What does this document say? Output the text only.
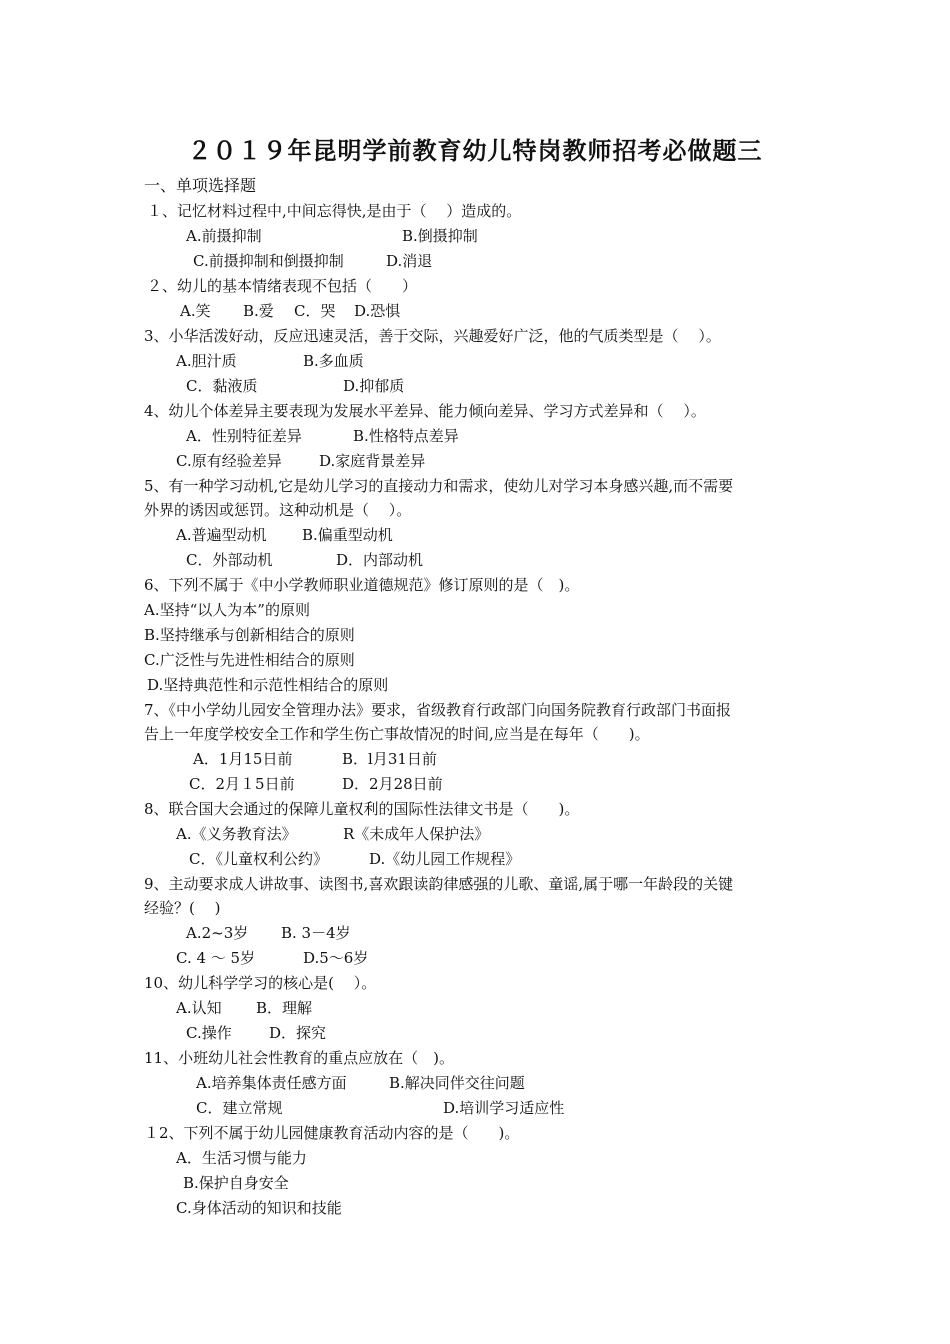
２０１９年昆明学前教育幼儿特岗教师招考必做题三
一、单项选择题
１、记忆材料过程中,中间忘得快,是由于（　 ）造成的。
A.前摄抑制	B.倒摄抑制
C.前摄抑制和倒摄抑制	D.消退
２、幼儿的基本情绪表现不包括（　　）
A.笑 B.爱 C．哭 D.恐惧
3、小华活泼好动，反应迅速灵活，善于交际，兴趣爱好广泛，他的气质类型是（　 ）。
A.胆汁质	B.多血质
C．黏液质	D.抑郁质
4、幼儿个体差异主要表现为发展水平差异、能力倾向差异、学习方式差异和（　 ）。
A．性别特征差异	B.性格特点差异
C.原有经验差异 D.家庭背景差异
5、有一种学习动机,它是幼儿学习的直接动力和需求，使幼儿对学习本身感兴趣,而不需要
外界的诱因或惩罚。这种动机是（　 ）。
A.普遍型动机 B.偏重型动机
C．外部动机	D．内部动机
6、下列不属于《中小学教师职业道德规范》修订原则的是（　)。
A.坚持“以人为本”的原则
B.坚持继承与创新相结合的原则
C.广泛性与先进性相结合的原则
D.坚持典范性和示范性相结合的原则
7、《中小学幼儿园安全管理办法》要求，省级教育行政部门向国务院教育行政部门书面报
告上一年度学校安全工作和学生伤亡事故情况的时间,应当是在每年（　　)。
A．1月15日前	B．l月31日前
C．2月１5日前	D．2月28日前
8、联合国大会通过的保障儿童权利的国际性法律文书是（　　)。
A.《义务教育法》	R《未成年人保护法》
C．《儿童权利公约》	D.《幼儿园工作规程》
9、主动要求成人讲故事、读图书,喜欢跟读韵律感强的儿歌、童谣,属于哪一年龄段的关键
经验？(　 )
A.2~3岁 B. 3－4岁
C. 4 ～ 5岁	D.5～6岁
10、幼儿科学学习的核心是(　 ）。
A.认知 B．理解
C.操作 D．探究
11、小班幼儿社会性教育的重点应放在（　)。
A.培养集体责任感方面	B.解决同伴交往问题
C．建立常规	D.培训学习适应性
１2、下列不属于幼儿园健康教育活动内容的是（　　)。
A．生活习惯与能力
B.保护自身安全
C.身体活动的知识和技能
